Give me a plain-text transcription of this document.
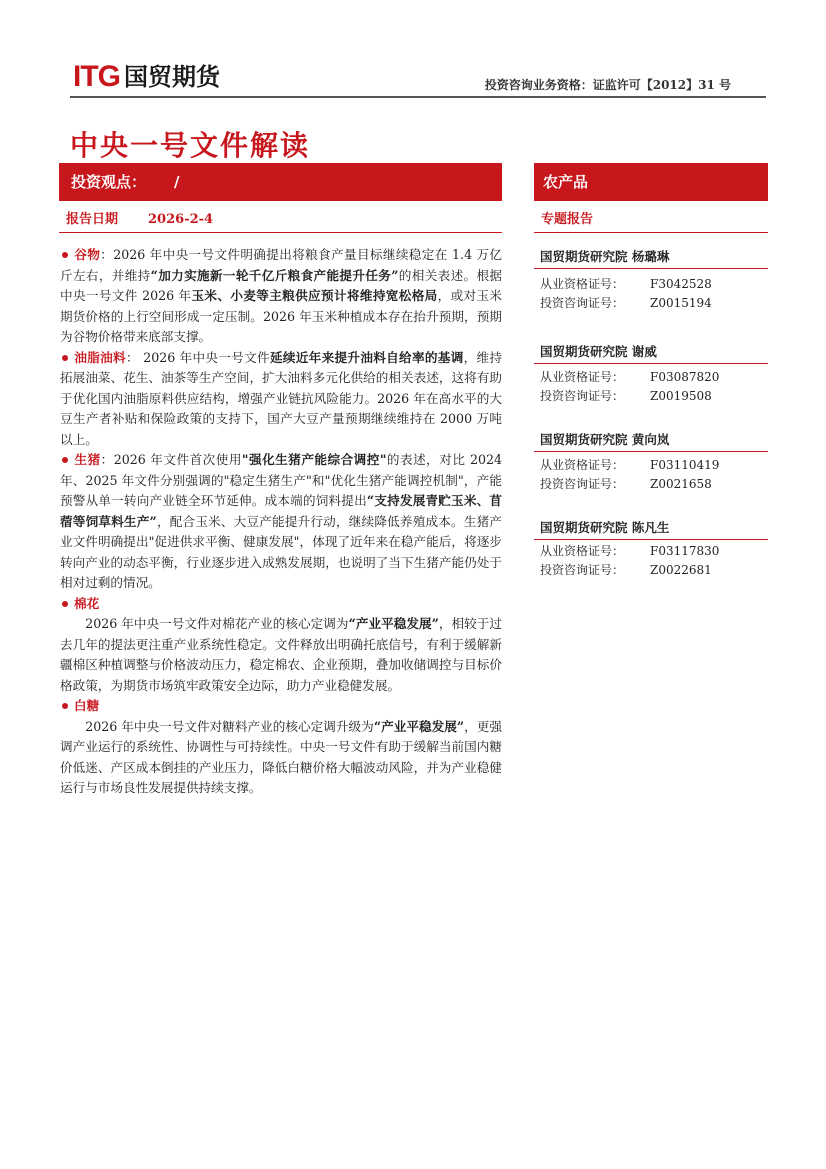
ITG 国贸期货	投资咨询业务资格：证监许可【2012】31 号
中央一号文件解读
投资观点： /	农产品
报告日期 2026-2-4	专题报告

谷物：2026 年中央一号文件明确提出将粮食产量目标继续稳定在 1.4 万亿斤左右，并维持“加力实施新一轮千亿斤粮食产能提升任务”的相关表述。根据中央一号文件 2026 年玉米、小麦等主粮供应预计将维持宽松格局，或对玉米期货价格的上行空间形成一定压制。2026 年玉米种植成本存在抬升预期，预期为谷物价格带来底部支撑。

油脂油料： 2026 年中央一号文件延续近年来提升油料自给率的基调，维持拓展油菜、花生、油茶等生产空间，扩大油料多元化供给的相关表述，这将有助于优化国内油脂原料供应结构，增强产业链抗风险能力。2026 年在高水平的大豆生产者补贴和保险政策的支持下，国产大豆产量预期继续维持在 2000 万吨以上。

生猪：2026 年文件首次使用"强化生猪产能综合调控"的表述，对比 2024 年、2025 年文件分别强调的"稳定生猪生产"和"优化生猪产能调控机制"，产能预警从单一转向产业链全环节延伸。成本端的饲料提出“支持发展青贮玉米、苜蓿等饲草料生产”，配合玉米、大豆产能提升行动，继续降低养殖成本。生猪产业文件明确提出"促进供求平衡、健康发展"，体现了近年来在稳产能后，将逐步转向产业的动态平衡，行业逐步进入成熟发展期，也说明了当下生猪产能仍处于相对过剩的情况。

棉花

2026 年中央一号文件对棉花产业的核心定调为“产业平稳发展”，相较于过去几年的提法更注重产业系统性稳定。文件释放出明确托底信号，有利于缓解新疆棉区种植调整与价格波动压力，稳定棉农、企业预期，叠加收储调控与目标价格政策，为期货市场筑牢政策安全边际，助力产业稳健发展。

白糖

2026 年中央一号文件对糖料产业的核心定调升级为“产业平稳发展”，更强调产业运行的系统性、协调性与可持续性。中央一号文件有助于缓解当前国内糖价低迷、产区成本倒挂的产业压力，降低白糖价格大幅波动风险，并为产业稳健运行与市场良性发展提供持续支撑。

国贸期货研究院 杨璐琳
从业资格证号：	F3042528
投资咨询证号：	Z0015194
国贸期货研究院 谢威
从业资格证号：	F03087820
投资咨询证号：	Z0019508
国贸期货研究院 黄向岚
从业资格证号：	F03110419
投资咨询证号：	Z0021658
国贸期货研究院 陈凡生
从业资格证号：	F03117830
投资咨询证号：	Z0022681
